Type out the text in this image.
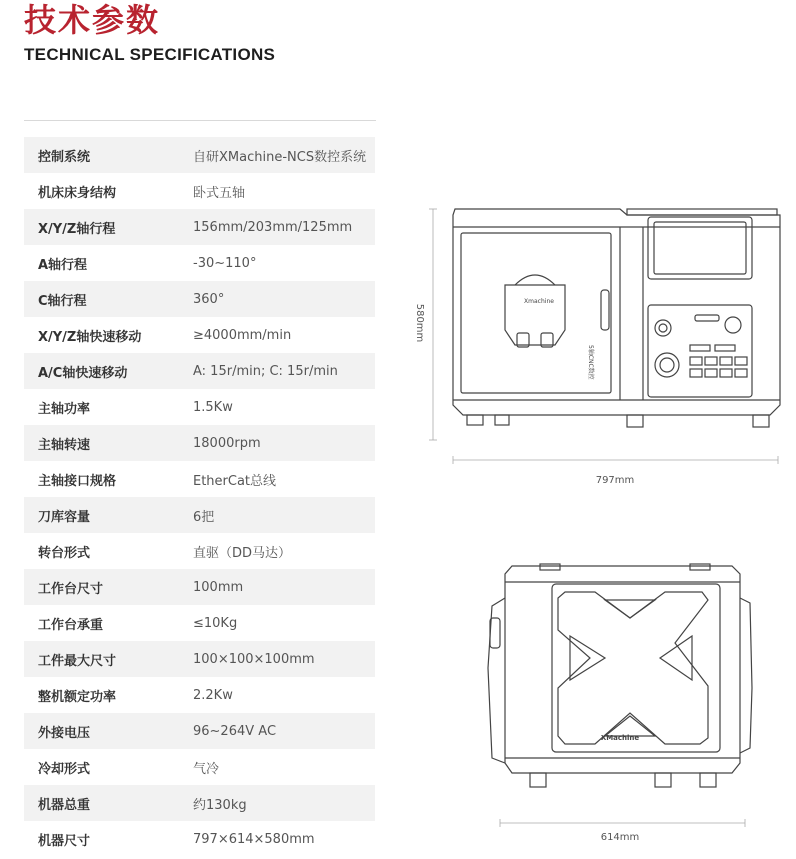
技术参数
TECHNICAL SPECIFICATIONS
控制系统	自研XMachine-NCS数控系统
机床床身结构	卧式五轴
X/Y/Z轴行程	156mm/203mm/125mm
A轴行程	-30~110°
C轴行程	360°
X/Y/Z轴快速移动	≥4000mm/min
A/C轴快速移动	A: 15r/min; C: 15r/min
主轴功率	1.5Kw
主轴转速	18000rpm
主轴接口规格	EtherCat总线
刀库容量	6把
转台形式	直驱（DD马达）
工作台尺寸	100mm
工作台承重	≤10Kg
工件最大尺寸	100×100×100mm
整机额定功率	2.2Kw
外接电压	96~264V AC
冷却形式	气冷
机器总重	约130kg
机器尺寸	797×614×580mm
580mm
797mm
Xmachine
5轴CNC数控
614mm
XMachine
